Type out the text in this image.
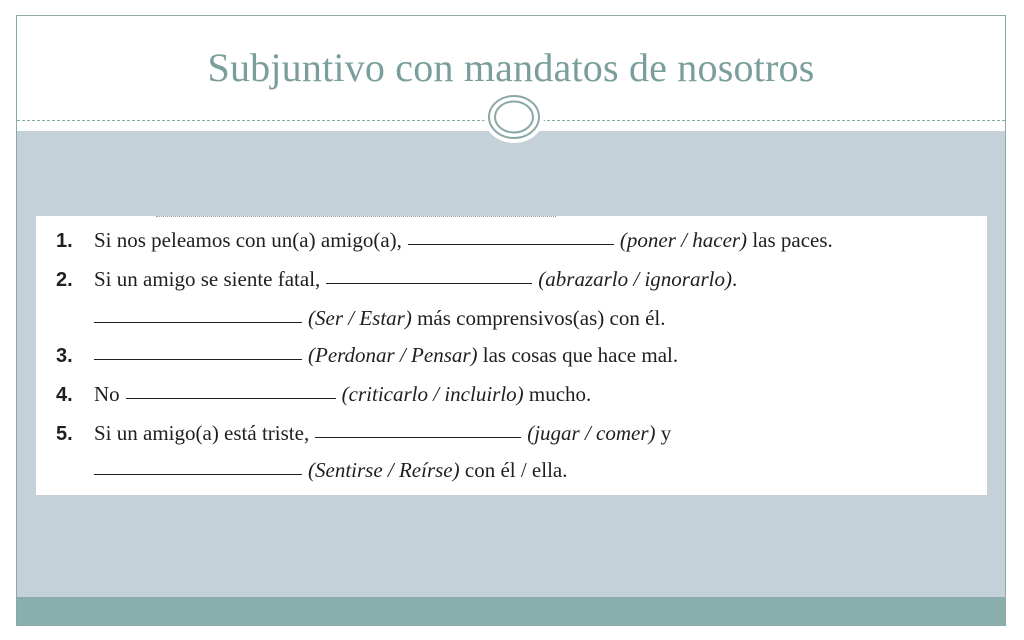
Subjuntivo con mandatos de nosotros
1.	Si nos peleamos con un(a) amigo(a),	(poner / hacer)
las paces.
2.	Si un amigo se siente fatal,	(abrazarlo / ignorarlo) .
(Ser / Estar)
más comprensivos(as) con él.
3.	(Perdonar / Pensar)
las cosas que hace mal.
4.	No	(criticarlo / incluirlo)
mucho.
5.	Si un amigo(a) está triste,	(jugar / comer)
y
(Sentirse / Reírse)
con él / ella.
